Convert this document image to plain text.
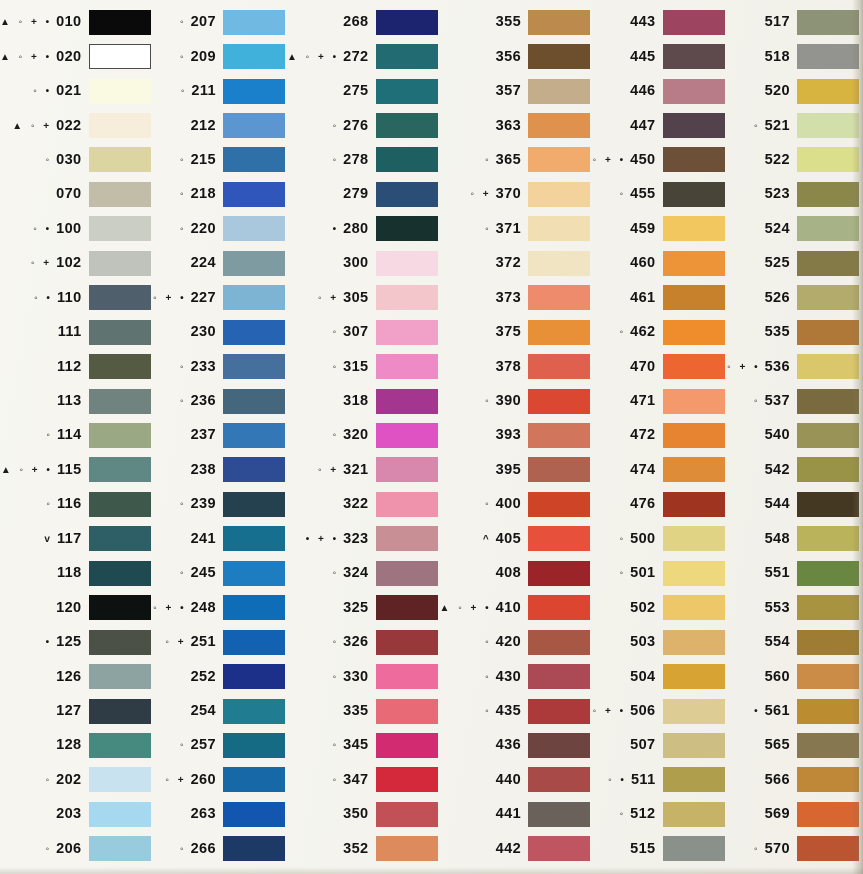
▲ ◦ + • 010
▲ ◦ + • 020
◦ • 021
▲ ◦ + 022
◦ 030
070
◦ • 100
◦ + 102
◦ • 110
111
112
113
◦ 114
▲ ◦ + • 115
◦ 116
v 117
118
120
• 125
126
127
128
◦ 202
203
◦ 206
◦ 207
◦ 209
◦ 211
212
◦ 215
◦ 218
◦ 220
224
◦ + • 227
230
◦ 233
◦ 236
237
238
◦ 239
241
◦ 245
◦ + • 248
◦ + 251
252
254
◦ 257
◦ + 260
263
◦ 266
268
▲ ◦ + • 272
275
◦ 276
◦ 278
279
• 280
300
◦ + 305
◦ 307
◦ 315
318
◦ 320
◦ + 321
322
• + • 323
◦ 324
325
◦ 326
◦ 330
335
◦ 345
◦ 347
350
352
355
356
357
363
◦ 365
◦ + 370
◦ 371
372
373
375
378
◦ 390
393
395
◦ 400
^ 405
408
▲ ◦ + • 410
◦ 420
◦ 430
◦ 435
436
440
441
442
443
445
446
447
◦ + • 450
◦ 455
459
460
461
◦ 462
470
471
472
474
476
◦ 500
◦ 501
502
503
504
◦ + • 506
507
◦ • 511
◦ 512
515
517
518
520
◦ 521
522
523
524
525
526
535
◦ + • 536
◦ 537
540
542
544
548
551
553
554
560
• 561
565
566
569
◦ 570
